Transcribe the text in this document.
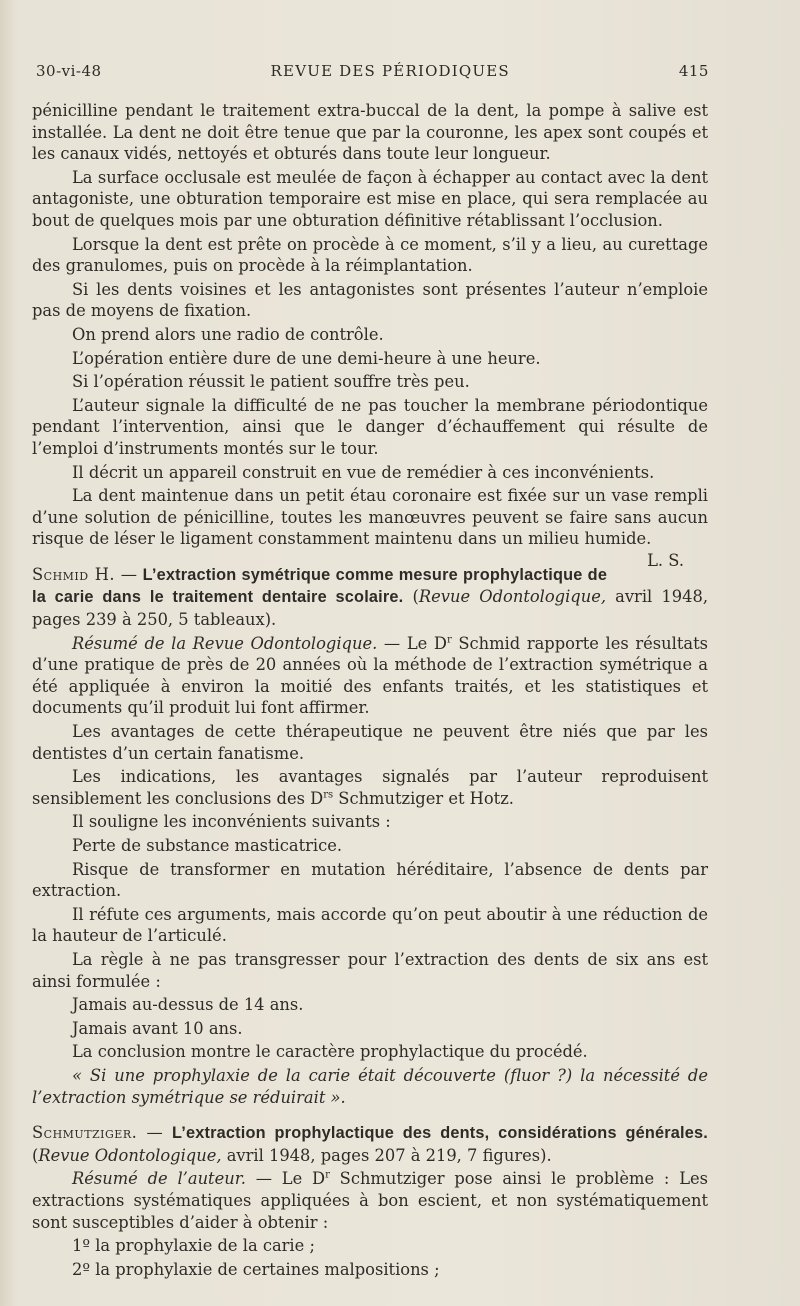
30-vi-48	REVUE DES PÉRIODIQUES	415

pénicilline pendant le traitement extra-buccal de la dent, la pompe à salive est installée. La dent ne doit être tenue que par la couronne, les apex sont coupés et les canaux vidés, nettoyés et obturés dans toute leur longueur.

La surface occlusale est meulée de façon à échapper au contact avec la dent antagoniste, une obturation temporaire est mise en place, qui sera remplacée au bout de quelques mois par une obturation définitive rétablissant l’occlusion.

Lorsque la dent est prête on procède à ce moment, s’il y a lieu, au curettage des granulomes, puis on procède à la réimplantation.

Si les dents voisines et les antagonistes sont présentes l’auteur n’emploie pas de moyens de fixation.

On prend alors une radio de contrôle.

L’opération entière dure de une demi-heure à une heure.

Si l’opération réussit le patient souffre très peu.

L’auteur signale la difficulté de ne pas toucher la membrane périodontique pendant l’intervention, ainsi que le danger d’échauffement qui résulte de l’emploi d’instruments montés sur le tour.

Il décrit un appareil construit en vue de remédier à ces inconvénients.

La dent maintenue dans un petit étau coronaire est fixée sur un vase rempli d’une solution de pénicilline, toutes les manœuvres peuvent se faire sans aucun risque de léser le ligament constamment maintenu dans un milieu humide.
L. S.

Schmid H. — L’extraction symétrique comme mesure prophylactique de la carie dans le traitement dentaire scolaire. (Revue Odontologique, avril 1948, pages 239 à 250, 5 tableaux).

Résumé de la Revue Odontologique. — Le $D^r$ Schmid rapporte les résultats d’une pratique de près de 20 années où la méthode de l’extraction symétrique a été appliquée à environ la moitié des enfants traités, et les statistiques et documents qu’il produit lui font affirmer.

Les avantages de cette thérapeutique ne peuvent être niés que par les dentistes d’un certain fanatisme.

Les indications, les avantages signalés par l’auteur reproduisent sensiblement les conclusions des $D^{rs}$ Schmutziger et Hotz.

Il souligne les inconvénients suivants :

Perte de substance masticatrice.

Risque de transformer en mutation héréditaire, l’absence de dents par extraction.

Il réfute ces arguments, mais accorde qu’on peut aboutir à une réduction de la hauteur de l’articulé.

La règle à ne pas transgresser pour l’extraction des dents de six ans est ainsi formulée :

Jamais au-dessus de 14 ans.

Jamais avant 10 ans.

La conclusion montre le caractère prophylactique du procédé.

« Si une prophylaxie de la carie était découverte (fluor ?) la nécessité de l’extraction symétrique se réduirait ».

Schmutziger. — L’extraction prophylactique des dents, considérations générales. (Revue Odontologique, avril 1948, pages 207 à 219, 7 figures).

Résumé de l’auteur. — Le $D^r$ Schmutziger pose ainsi le problème : Les extractions systématiques appliquées à bon escient, et non systématiquement sont susceptibles d’aider à obtenir :

1º la prophylaxie de la carie ;

2º la prophylaxie de certaines malpositions ;
